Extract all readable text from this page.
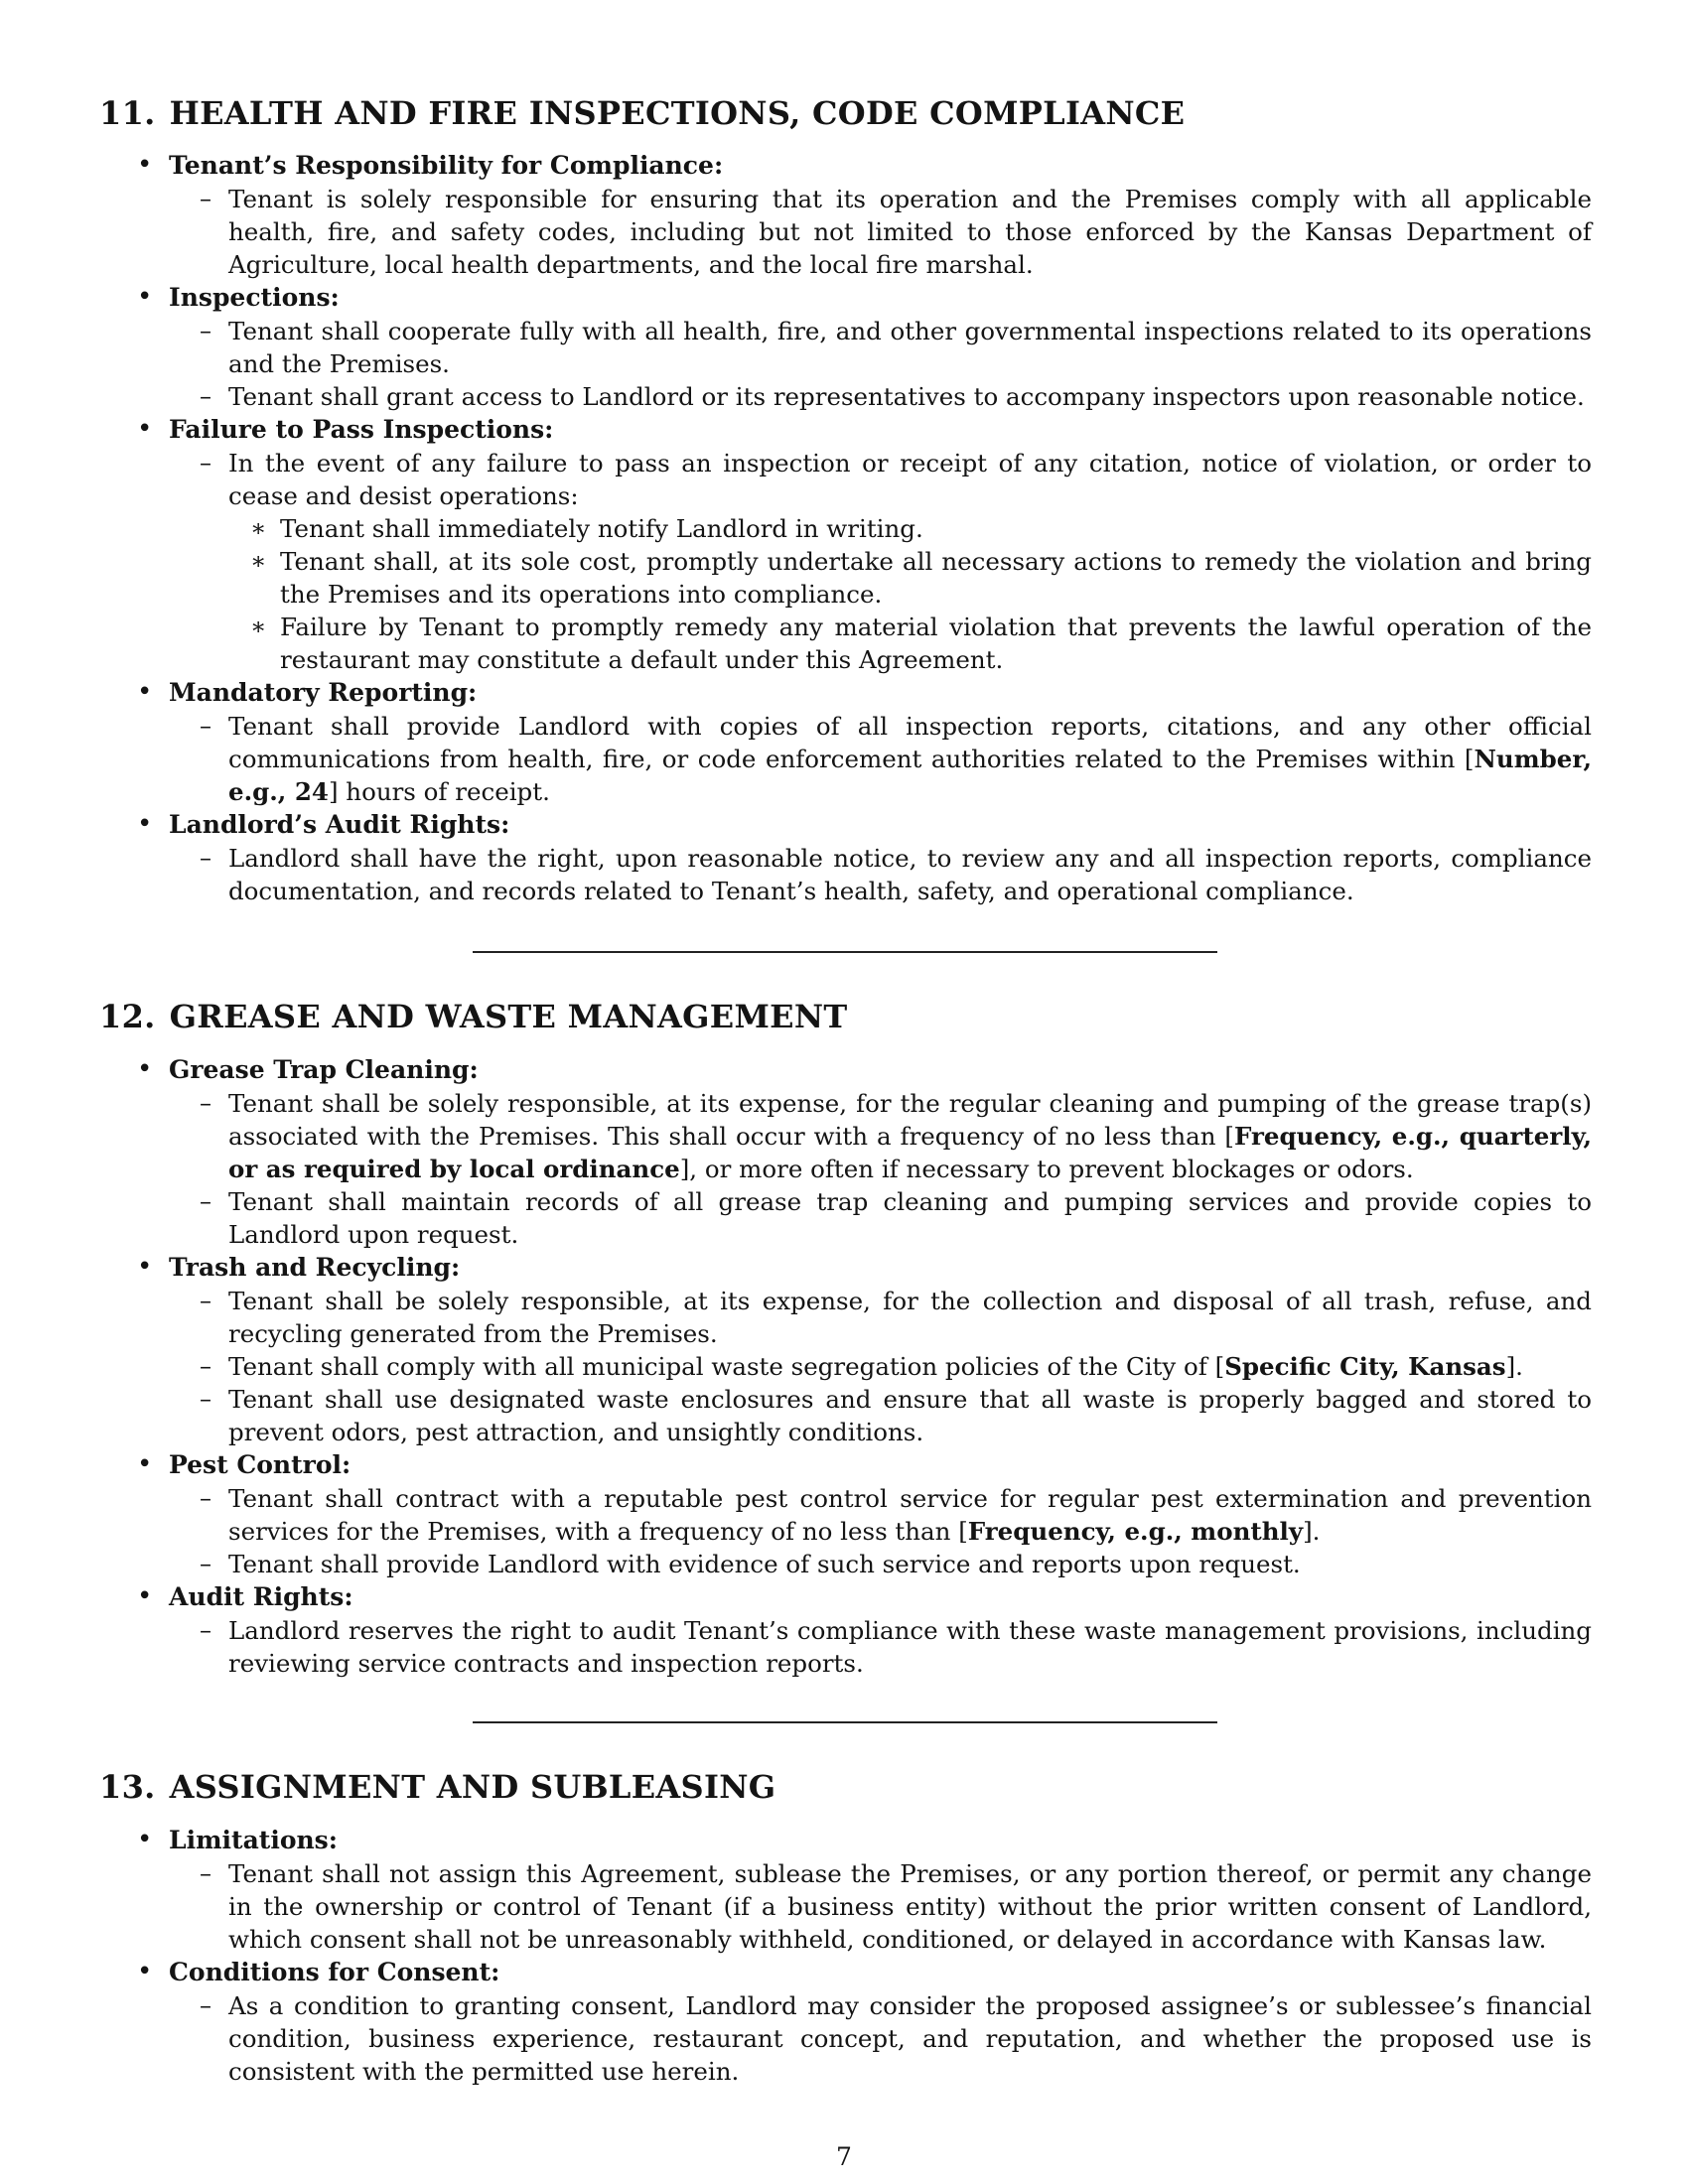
11. HEALTH AND FIRE INSPECTIONS, CODE COMPLIANCE
• Tenant’s Responsibility for Compliance:
– Tenant is solely responsible for ensuring that its operation and the Premises comply with all applicable health, fire, and safety codes, including but not limited to those enforced by the Kansas Department of Agriculture, local health departments, and the local fire marshal.

• Inspections:
– Tenant shall cooperate fully with all health, fire, and other governmental inspections related to its operations and the Premises.

– Tenant shall grant access to Landlord or its representatives to accompany inspectors upon reasonable notice.

• Failure to Pass Inspections:
– In the event of any failure to pass an inspection or receipt of any citation, notice of violation, or order to cease and desist operations:

∗ Tenant shall immediately notify Landlord in writing.

∗ Tenant shall, at its sole cost, promptly undertake all necessary actions to remedy the violation and bring the Premises and its operations into compliance.

∗ Failure by Tenant to promptly remedy any material violation that prevents the lawful operation of the restaurant may constitute a default under this Agreement.

• Mandatory Reporting:
– Tenant shall provide Landlord with copies of all inspection reports, citations, and any other official communications from health, fire, or code enforcement authorities related to the Premises within [Number, e.g., 24] hours of receipt.

• Landlord’s Audit Rights:
– Landlord shall have the right, upon reasonable notice, to review any and all inspection reports, compliance documentation, and records related to Tenant’s health, safety, and operational compliance.

12. GREASE AND WASTE MANAGEMENT
• Grease Trap Cleaning:
– Tenant shall be solely responsible, at its expense, for the regular cleaning and pumping of the grease trap(s) associated with the Premises. This shall occur with a frequency of no less than [Frequency, e.g., quarterly, or as required by local ordinance], or more often if necessary to prevent blockages or odors.

– Tenant shall maintain records of all grease trap cleaning and pumping services and provide copies to Landlord upon request.

• Trash and Recycling:
– Tenant shall be solely responsible, at its expense, for the collection and disposal of all trash, refuse, and recycling generated from the Premises.

– Tenant shall comply with all municipal waste segregation policies of the City of [Specific City, Kansas].

– Tenant shall use designated waste enclosures and ensure that all waste is properly bagged and stored to prevent odors, pest attraction, and unsightly conditions.

• Pest Control:
– Tenant shall contract with a reputable pest control service for regular pest extermination and prevention services for the Premises, with a frequency of no less than [Frequency, e.g., monthly].

– Tenant shall provide Landlord with evidence of such service and reports upon request.

• Audit Rights:
– Landlord reserves the right to audit Tenant’s compliance with these waste management provisions, including reviewing service contracts and inspection reports.

13. ASSIGNMENT AND SUBLEASING
• Limitations:
– Tenant shall not assign this Agreement, sublease the Premises, or any portion thereof, or permit any change in the ownership or control of Tenant (if a business entity) without the prior written consent of Landlord, which consent shall not be unreasonably withheld, conditioned, or delayed in accordance with Kansas law.

• Conditions for Consent:
– As a condition to granting consent, Landlord may consider the proposed assignee’s or sublessee’s financial condition, business experience, restaurant concept, and reputation, and whether the proposed use is consistent with the permitted use herein.

7
